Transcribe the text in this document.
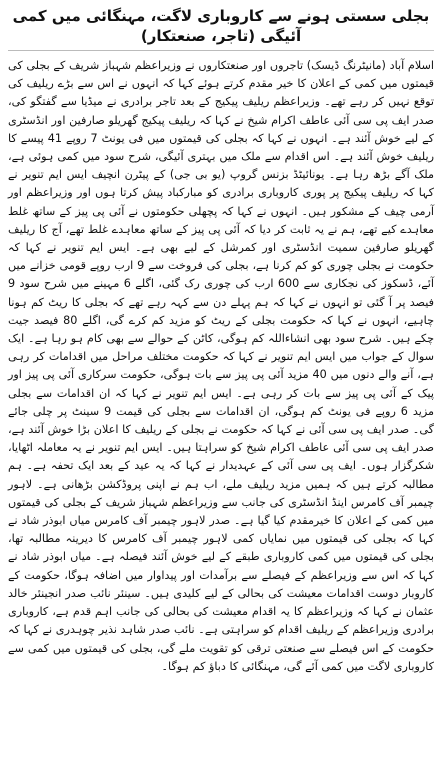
بجلی سستی ہونے سے کاروباری لاگت، مہنگائی میں کمی آئیگی (تاجر، صنعتکار)

اسلام آباد (مانیٹرنگ ڈیسک) تاجروں اور صنعتکاروں نے وزیراعظم شہباز شریف کے بجلی کی قیمتوں میں کمی کے اعلان کا خیر مقدم کرتے ہوئے کہا کہ انہوں نے اس سے بڑے ریلیف کی توقع نہیں کر رہے تھے۔ وزیراعظم ریلیف پیکیج کے بعد تاجر برادری نے میڈیا سے گفتگو کی، صدر ایف پی سی آئی عاطف اکرام شیخ نے کہا کہ ریلیف پیکیج گھریلو صارفین اور انڈسٹری کے لیے خوش آئند ہے۔ انہوں نے کہا کہ بجلی کی قیمتوں میں فی یونٹ 7 روپے 41 پیسے کا ریلیف خوش آئند ہے۔ اس اقدام سے ملک میں بہتری آئیگی، شرح سود میں کمی ہوئی ہے، ملک آگے بڑھ رہا ہے۔ یونائیٹڈ بزنس گروپ (یو بی جی) کے پیٹرن انچیف ایس ایم تنویر نے کہا کہ ریلیف پیکیج پر پوری کاروباری برادری کو مبارکباد پیش کرتا ہوں اور وزیراعظم اور آرمی چیف کے مشکور ہیں۔ انہوں نے کہا کہ پچھلی حکومتوں نے آئی پی پیز کے ساتھ غلط معاہدے کیے تھے، ہم نے یہ ثابت کر دیا کہ آئی پی پیز کے ساتھ معاہدے غلط تھے، آج کا ریلیف گھریلو صارفین سمیت انڈسٹری اور کمرشل کے لیے بھی ہے۔ ایس ایم تنویر نے کہا کہ حکومت نے بجلی چوری کو کم کرنا ہے، بجلی کی فروخت سے 9 ارب روپے قومی خزانے میں آئے، ڈسکوز کی نجکاری سے 600 ارب کی چوری رک گئی، اگلے 6 مہینے میں شرح سود 9 فیصد پر آ گئی تو انہوں نے کہا کہ ہم پہلے دن سے کہہ رہے تھے کہ بجلی کا ریٹ کم ہونا چاہیے، انہوں نے کہا کہ حکومت بجلی کے ریٹ کو مزید کم کرے گی، اگلے 80 فیصد جیت چکے ہیں۔ شرح سود بھی انشاءاللہ کم ہوگی، کاٹن کے حوالے سے بھی کام ہو رہا ہے۔ ایک سوال کے جواب میں ایس ایم تنویر نے کہا کہ حکومت مختلف مراحل میں اقدامات کر رہی ہے، آنے والے دنوں میں 40 مزید آئی پی پیز سے بات ہوگی، حکومت سرکاری آئی پی پیز اور پیک کے آئی پی پیز سے بات کر رہی ہے۔ ایس ایم تنویر نے کہا کہ ان اقدامات سے بجلی مزید 6 روپے فی یونٹ کم ہوگی، ان اقدامات سے بجلی کی قیمت 9 سینٹ پر چلی جائے گی۔ صدر ایف پی سی آئی نے کہا کہ حکومت نے بجلی کے ریلیف کا اعلان بڑا خوش آئند ہے، صدر ایف پی سی آئی عاطف اکرام شیخ کو سراہتا ہیں۔ ایس ایم تنویر نے یہ معاملہ اٹھایا، شکرگزار ہوں۔ ایف پی سی آئی کے عہدیدار نے کہا کہ یہ عید کے بعد ایک تحفہ ہے۔ ہم مطالبہ کرتے ہیں کہ ہمیں مزید ریلیف ملے، اب ہم نے اپنی پروڈکشن بڑھانی ہے۔ لاہور چیمبر آف کامرس اینڈ انڈسٹری کی جانب سے وزیراعظم شہباز شریف کے بجلی کی قیمتوں میں کمی کے اعلان کا خیرمقدم کیا گیا ہے۔ صدر لاہور چیمبر آف کامرس میاں ابوذر شاد نے کہا کہ بجلی کی قیمتوں میں نمایاں کمی لاہور چیمبر آف کامرس کا دیرینہ مطالبہ تھا، بجلی کی قیمتوں میں کمی کاروباری طبقے کے لیے خوش آئند فیصلہ ہے۔ میاں ابوذر شاد نے کہا کہ اس سے وزیراعظم کے فیصلے سے برآمدات اور پیداوار میں اضافہ ہوگا، حکومت کے کاروبار دوست اقدامات معیشت کی بحالی کے لیے کلیدی ہیں۔ سینئر نائب صدر انجینئر خالد عثمان نے کہا کہ وزیراعظم کا یہ اقدام معیشت کی بحالی کی جانب اہم قدم ہے، کاروباری برادری وزیراعظم کے ریلیف اقدام کو سراہتی ہے۔ نائب صدر شاہد نذیر چوہدری نے کہا کہ حکومت کے اس فیصلے سے صنعتی ترقی کو تقویت ملے گی، بجلی کی قیمتوں میں کمی سے کاروباری لاگت میں کمی آئے گی، مہنگائی کا دباؤ کم ہوگا۔
